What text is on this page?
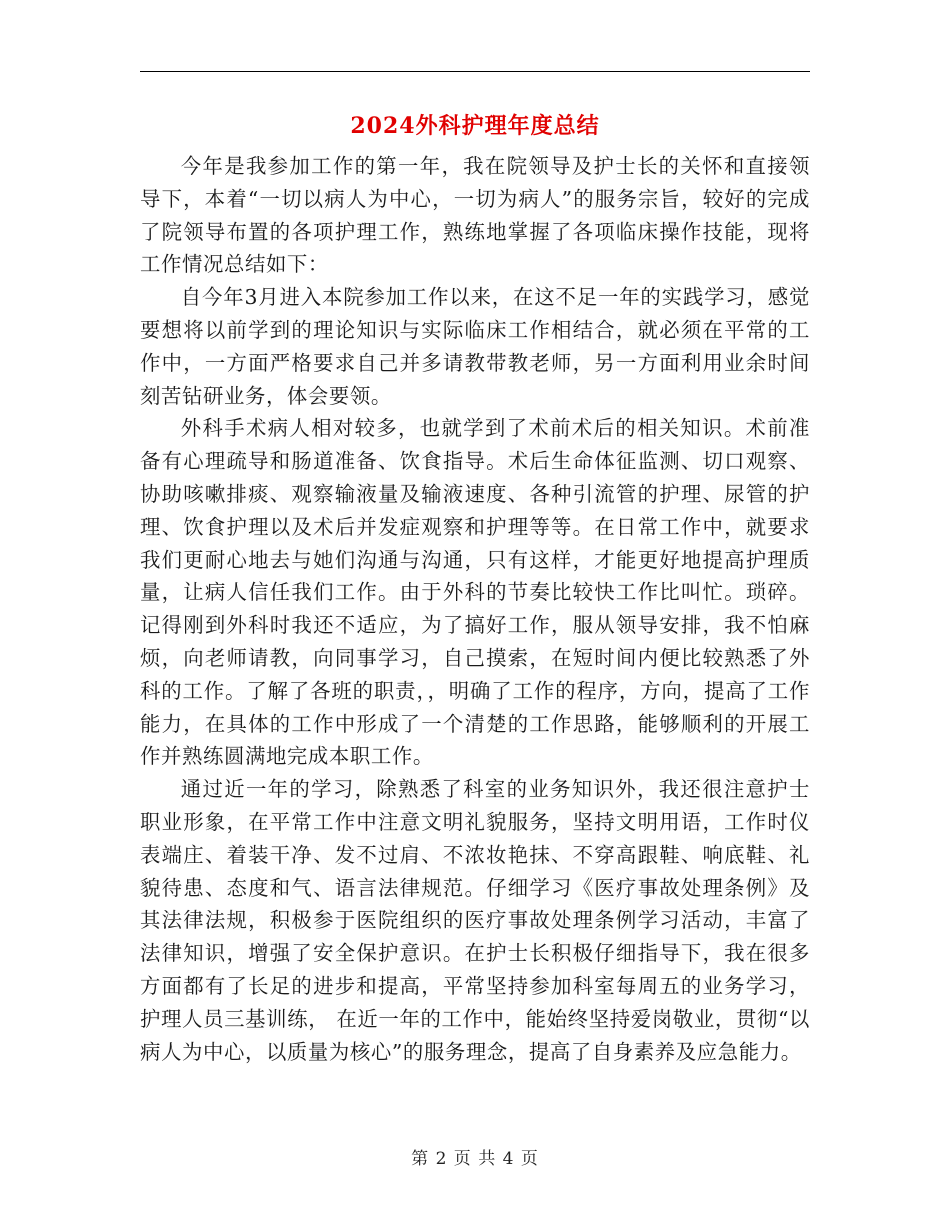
2024外科护理年度总结

今年是我参加工作的第一年，我在院领导及护士长的关怀和直接领导下，本着“一切以病人为中心，一切为病人”的服务宗旨，较好的完成了院领导布置的各项护理工作，熟练地掌握了各项临床操作技能，现将工作情况总结如下：

自今年3月进入本院参加工作以来，在这不足一年的实践学习，感觉要想将以前学到的理论知识与实际临床工作相结合，就必须在平常的工作中，一方面严格要求自己并多请教带教老师，另一方面利用业余时间刻苦钻研业务，体会要领。

外科手术病人相对较多，也就学到了术前术后的相关知识。术前准备有心理疏导和肠道准备、饮食指导。术后生命体征监测、切口观察、协助咳嗽排痰、观察输液量及输液速度、各种引流管的护理、尿管的护理、饮食护理以及术后并发症观察和护理等等。在日常工作中，就要求我们更耐心地去与她们沟通与沟通，只有这样，才能更好地提高护理质量，让病人信任我们工作。由于外科的节奏比较快工作比叫忙。琐碎。记得刚到外科时我还不适应，为了搞好工作，服从领导安排，我不怕麻烦，向老师请教，向同事学习，自己摸索，在短时间内便比较熟悉了外科的工作。了解了各班的职责，，明确了工作的程序，方向，提高了工作能力，在具体的工作中形成了一个清楚的工作思路，能够顺利的开展工作并熟练圆满地完成本职工作。

通过近一年的学习，除熟悉了科室的业务知识外，我还很注意护士职业形象，在平常工作中注意文明礼貌服务，坚持文明用语，工作时仪表端庄、着装干净、发不过肩、不浓妆艳抹、不穿高跟鞋、响底鞋、礼貌待患、态度和气、语言法律规范。仔细学习《医疗事故处理条例》及其法律法规，积极参于医院组织的医疗事故处理条例学习活动，丰富了法律知识，增强了安全保护意识。在护士长积极仔细指导下，我在很多方面都有了长足的进步和提高，平常坚持参加科室每周五的业务学习，护理人员三基训练， 在近一年的工作中，能始终坚持爱岗敬业，贯彻“以病人为中心，以质量为核心”的服务理念，提高了自身素养及应急能力。

第 2 页 共 4 页
